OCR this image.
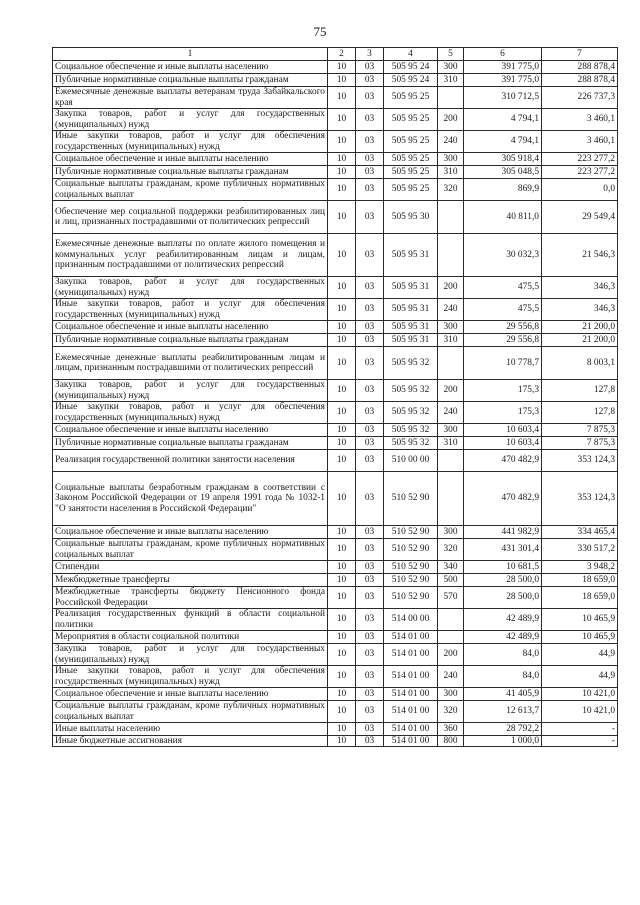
75
1	2	3	4	5	6	7
Социальное обеспечение и иные выплаты населению	10	03	505 95 24	300	391 775,0	288 878,4
Публичные нормативные социальные выплаты гражданам	10	03	505 95 24	310	391 775,0	288 878,4
Ежемесячные денежные выплаты ветеранам труда Забайкальского края	10	03	505 95 25		310 712,5	226 737,3
Закупка товаров, работ и услуг для государственных (муниципальных) нужд	10	03	505 95 25	200	4 794,1	3 460,1
Иные закупки товаров, работ и услуг для обеспечения государственных (муниципальных) нужд	10	03	505 95 25	240	4 794,1	3 460,1
Социальное обеспечение и иные выплаты населению	10	03	505 95 25	300	305 918,4	223 277,2
Публичные нормативные социальные выплаты гражданам	10	03	505 95 25	310	305 048,5	223 277,2
Социальные выплаты гражданам, кроме публичных нормативных социальных выплат	10	03	505 95 25	320	869,9	0,0
Обеспечение мер социальной поддержки реабилитированных лиц и лиц, признанных пострадавшими от политических репрессий	10	03	505 95 30		40 811,0	29 549,4
Ежемесячные денежные выплаты по оплате жилого помещения и коммунальных услуг реабилитированным лицам и лицам, признанным пострадавшими от политических репрессий	10	03	505 95 31		30 032,3	21 546,3
Закупка товаров, работ и услуг для государственных (муниципальных) нужд	10	03	505 95 31	200	475,5	346,3
Иные закупки товаров, работ и услуг для обеспечения государственных (муниципальных) нужд	10	03	505 95 31	240	475,5	346,3
Социальное обеспечение и иные выплаты населению	10	03	505 95 31	300	29 556,8	21 200,0
Публичные нормативные социальные выплаты гражданам	10	03	505 95 31	310	29 556,8	21 200,0
Ежемесячные денежные выплаты реабилитированным лицам и лицам, признанным пострадавшими от политических репрессий	10	03	505 95 32		10 778,7	8 003,1
Закупка товаров, работ и услуг для государственных (муниципальных) нужд	10	03	505 95 32	200	175,3	127,8
Иные закупки товаров, работ и услуг для обеспечения государственных (муниципальных) нужд	10	03	505 95 32	240	175,3	127,8
Социальное обеспечение и иные выплаты населению	10	03	505 95 32	300	10 603,4	7 875,3
Публичные нормативные социальные выплаты гражданам	10	03	505 95 32	310	10 603,4	7 875,3
Реализация государственной политики занятости населения	10	03	510 00 00		470 482,9	353 124,3
Социальные выплаты безработным гражданам в соответствии с Законом Российской Федерации от 19 апреля 1991 года № 1032-1 "О занятости населения в Российской Федерации"	10	03	510 52 90		470 482,9	353 124,3
Социальное обеспечение и иные выплаты населению	10	03	510 52 90	300	441 982,9	334 465,4
Социальные выплаты гражданам, кроме публичных нормативных социальных выплат	10	03	510 52 90	320	431 301,4	330 517,2
Стипендии	10	03	510 52 90	340	10 681,5	3 948,2
Межбюджетные трансферты	10	03	510 52 90	500	28 500,0	18 659,0
Межбюджетные трансферты бюджету Пенсионного фонда Российской Федерации	10	03	510 52 90	570	28 500,0	18 659,0
Реализация государственных функций в области социальной политики	10	03	514 00 00		42 489,9	10 465,9
Мероприятия в области социальной политики	10	03	514 01 00		42 489,9	10 465,9
Закупка товаров, работ и услуг для государственных (муниципальных) нужд	10	03	514 01 00	200	84,0	44,9
Иные закупки товаров, работ и услуг для обеспечения государственных (муниципальных) нужд	10	03	514 01 00	240	84,0	44,9
Социальное обеспечение и иные выплаты населению	10	03	514 01 00	300	41 405,9	10 421,0
Социальные выплаты гражданам, кроме публичных нормативных социальных выплат	10	03	514 01 00	320	12 613,7	10 421,0
Иные выплаты населению	10	03	514 01 00	360	28 792,2	-
Иные бюджетные ассигнования	10	03	514 01 00	800	1 000,0	-
